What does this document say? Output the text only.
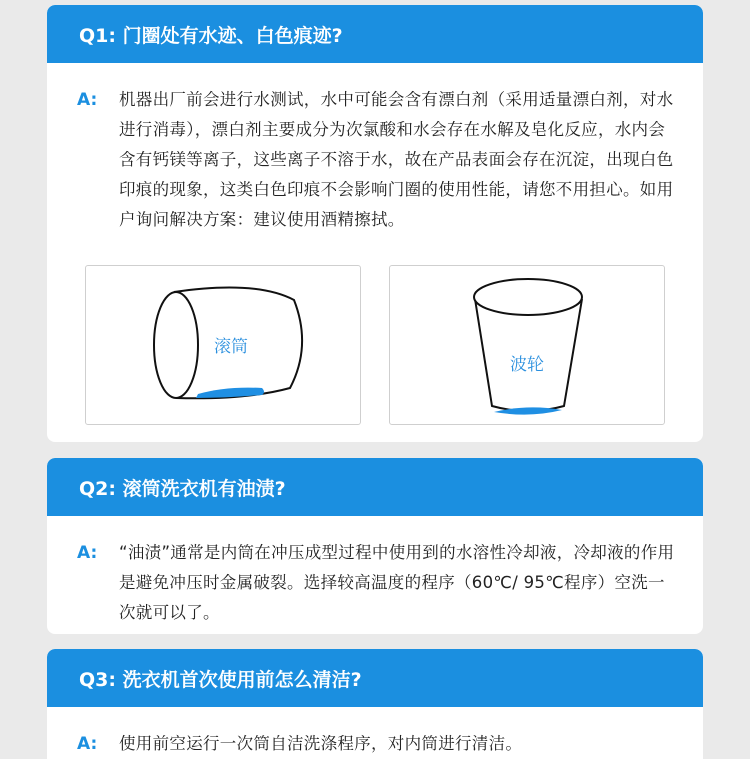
Q1: 门圈处有水迹、白色痕迹?
A: 机器出厂前会进行水测试，水中可能会含有漂白剂（采用适量漂白剂，对水进行消毒），漂白剂主要成分为次氯酸和水会存在水解及皂化反应，水内会含有钙镁等离子，这些离子不溶于水，故在产品表面会存在沉淀，出现白色印痕的现象，这类白色印痕不会影响门圈的使用性能，请您不用担心。如用户询问解决方案：建议使用酒精擦拭。

滚筒
波轮
Q2: 滚筒洗衣机有油渍?
A: “油渍”通常是内筒在冲压成型过程中使用到的水溶性冷却液，冷却液的作用是避免冲压时金属破裂。选择较高温度的程序（60℃/ 95℃程序）空洗一次就可以了。

Q3: 洗衣机首次使用前怎么清洁?
A: 使用前空运行一次筒自洁洗涤程序，对内筒进行清洁。
